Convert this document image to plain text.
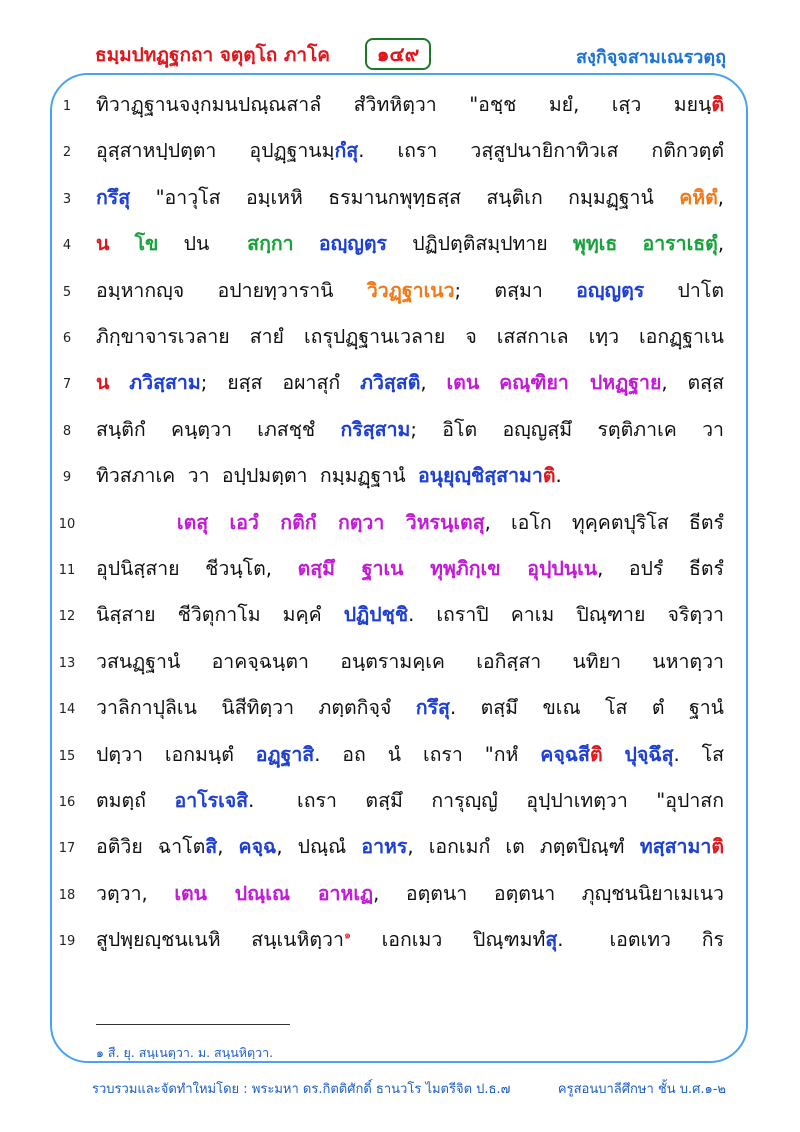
ธมฺมปทฏฺฐกถา จตุตฺโถ ภาโค	๑๔๙	สงฺกิจฺจสามเณรวตฺถุ
1	ทิวาฏฺฐานจงฺกมนปณฺณสาลํ  สํวิทหิตฺวา  "อชฺช  มยํ,  เสฺว  มยนฺติ
2	อุสฺสาหปฺปตฺตา  อุปฏฺฐานมฺกํสุ.  เถรา  วสฺสูปนายิกาทิวเส  กติกวตฺตํ
3	กรึสุ  "อาวุโส  อมฺเหหิ  ธรมานกพุทฺธสฺส  สนฺติเก  กมฺมฏฺฐานํ  คหิตํ,
4	น โข  ปน   สกฺกา อญฺญตฺร  ปฏิปตฺติสมฺปทาย  พุทฺเธ อาราเธตุํ,
5	อมฺหากญฺจ  อปายทฺวารานิ  วิวฏฺฐาเนว;  ตสฺมา  อญฺญตฺร  ปาโต
6	ภิกฺขาจารเวลาย  สายํ  เถรุปฏฺฐานเวลาย  จ  เสสกาเล  เทฺว  เอกฏฺฐาเน
7	น ภวิสฺสาม;  ยสฺส  อผาสุกํ  ภวิสฺสติ,  เตน คณฺฑิยา  ปหฏฺฐาย,  ตสฺส
8	สนฺติกํ  คนฺตฺวา  เภสชฺชํ  กริสฺสาม;  อิโต  อญฺญสฺมึ  รตฺติภาเค  วา
9	ทิวสภาเค  วา  อปฺปมตฺตา  กมฺมฏฺฐานํ  อนุยุญฺชิสฺสามาติ.
10	เตสุ  เอวํ  กติกํ  กตฺวา  วิหรนฺเตสุ,  เอโก  ทุคฺคตปุริโส  ธีตรํ
11	อุปนิสฺสาย  ชีวนฺโต,  ตสฺมึ  ฐาเน  ทุพฺภิกฺเข  อุปฺปนฺเน,  อปรํ  ธีตรํ
12	นิสฺสาย  ชีวิตุกาโม  มคฺคํ  ปฏิปชฺชิ.  เถราปิ  คาเม  ปิณฺฑาย  จริตฺวา
13	วสนฏฺฐานํ  อาคจฺฉนฺตา  อนฺตรามคฺเค  เอกิสฺสา  นทิยา  นหาตฺวา
14	วาลิกาปุลิเน  นิสีทิตฺวา  ภตฺตกิจฺจํ  กรึสุ.  ตสฺมึ  ขเณ  โส  ตํ  ฐานํ
15	ปตฺวา  เอกมนฺตํ  อฏฺฐาสิ.  อถ  นํ  เถรา  "กหํ  คจฺฉสีติ ปุจฺฉึสุ.  โส
16	ตมตฺถํ  อาโรเจสิ.   เถรา  ตสฺมึ  การุญฺญํ  อุปฺปาเทตฺวา  "อุปาสก
17	อติวิย  ฉาโตสิ,  คจฺฉ,  ปณฺณํ  อาหร,  เอกเมกํ  เต  ภตฺตปิณฺฑํ  ทสฺสามาติ
18	วตฺวา,  เตน  ปณฺเณ  อาหเฏ,  อตฺตนา  อตฺตนา  ภุญฺชนนิยาเมเนว
19	สูปพฺยญฺชนเนหิ  สนฺเนหิตฺวา$^๑$  เอกเมว  ปิณฺฑมทํสุ.   เอตเทว  กิร
๑ สี. ยุ. สนฺเนตฺวา. ม. สนฺนหิตฺวา.
รวบรวมและจัดทำใหม่โดย : พระมหา ดร.กิตติศักดิ์ ธานวโร ไมตรีจิต ป.ธ.๗	ครูสอนบาลีศึกษา ชั้น บ.ศ.๑-๒
